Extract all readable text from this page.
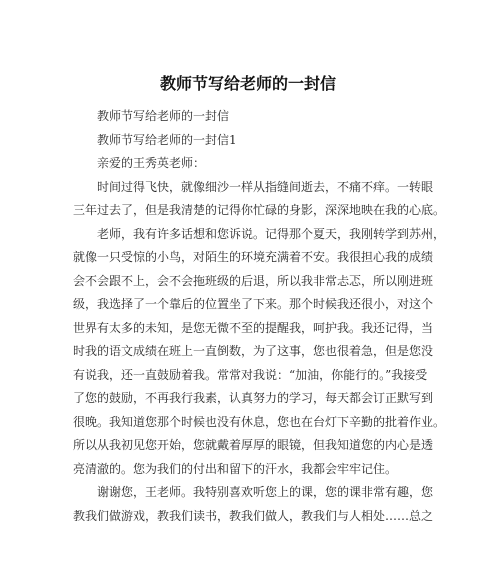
教师节写给老师的一封信
教师节写给老师的一封信
教师节写给老师的一封信1
亲爱的王秀英老师：
时间过得飞快，就像细沙一样从指缝间逝去，不痛不痒。一转眼
三年过去了，但是我清楚的记得你忙碌的身影，深深地映在我的心底。
老师，我有许多话想和您诉说。记得那个夏天，我刚转学到苏州，
就像一只受惊的小鸟，对陌生的环境充满着不安。我很担心我的成绩
会不会跟不上，会不会拖班级的后退，所以我非常忐忑，所以刚进班
级，我选择了一个靠后的位置坐了下来。那个时候我还很小，对这个
世界有太多的未知，是您无微不至的提醒我，呵护我。我还记得，当
时我的语文成绩在班上一直倒数，为了这事，您也很着急，但是您没
有说我，还一直鼓励着我。常常对我说：“加油，你能行的。”我接受
了您的鼓励，不再我行我素，认真努力的学习，每天都会订正默写到
很晚。我知道您那个时候也没有休息，您也在台灯下辛勤的批着作业。
所以从我初见您开始，您就戴着厚厚的眼镜，但我知道您的内心是透
亮清澈的。您为我们的付出和留下的汗水，我都会牢牢记住。
谢谢您，王老师。我特别喜欢听您上的课，您的课非常有趣，您
教我们做游戏，教我们读书，教我们做人，教我们与人相处……总之
